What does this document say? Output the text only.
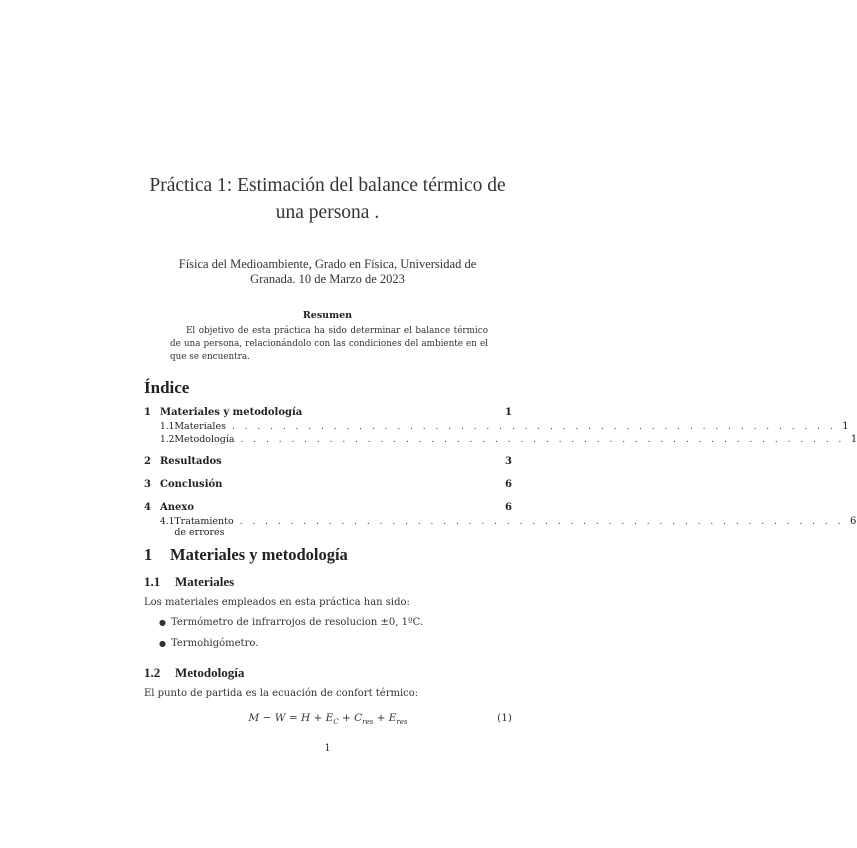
Práctica 1: Estimación del balance térmico de
una persona .
Física del Medioambiente, Grado en Física, Universidad de
Granada. 10 de Marzo de 2023
Resumen
El objetivo de esta práctica ha sido determinar el balance térmico de una persona, relacionándolo con las condiciones del ambiente en el que se encuentra.
Índice
1 Materiales y metodología	1
1.1 Materiales . . . . . . . . . . . . . . . . . . . . . . . . . . . . . . . . . . . . . . . . . . . . . . . . 1
1.2 Metodología . . . . . . . . . . . . . . . . . . . . . . . . . . . . . . . . . . . . . . . . . . . . . . . . 1
2 Resultados	3
3 Conclusión	6
4 Anexo	6
4.1 Tratamiento de errores
. . . . . . . . . . . . . . . . . . . . . . . . . . . . . . . . . . . . . . . . . . . . . . . . 6
1 Materiales y metodología
1.1 Materiales
Los materiales empleados en esta práctica han sido:
● Termómetro de infrarrojos de resolucion ±0, 1ºC.
● Termohigómetro.
1.2 Metodología
El punto de partida es la ecuación de confort térmico:
$M - W = H + E_C + C_{res} + E_{res}$	(1)
1
